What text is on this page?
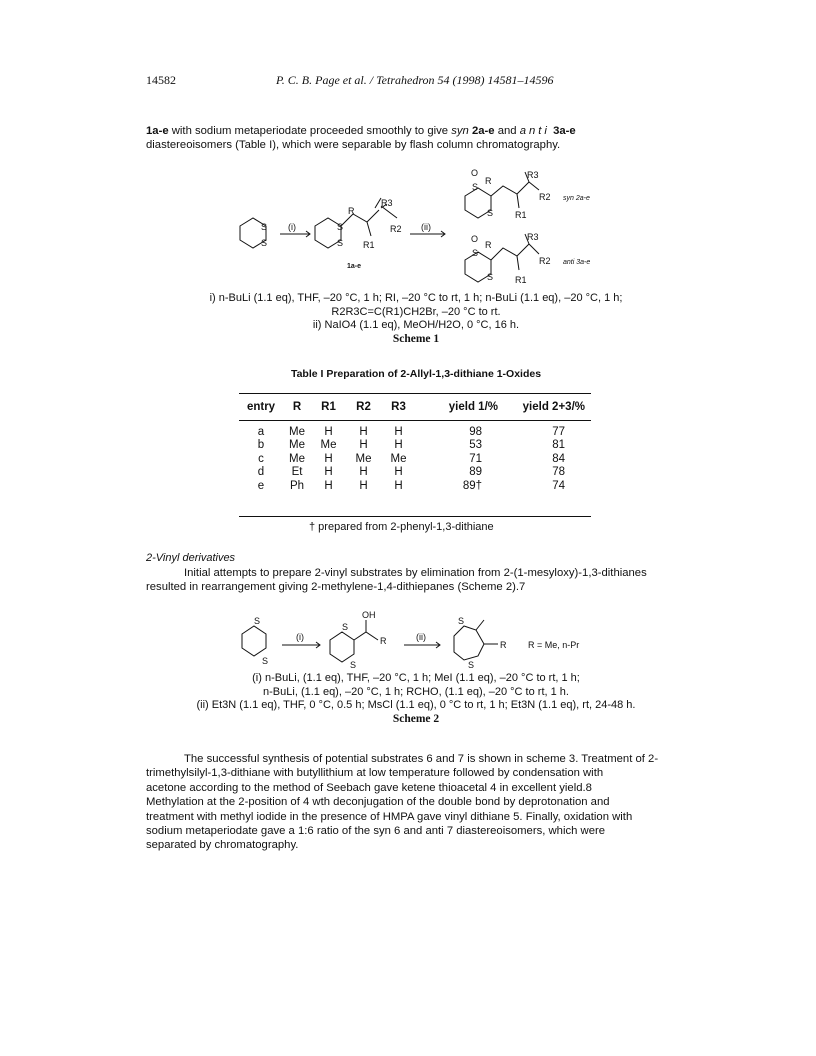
14582	P. C. B. Page et al. / Tetrahedron 54 (1998) 14581–14596
1a-e with sodium metaperiodate proceeded smoothly to give syn 2a-e and anti 3a-e
diastereoisomers (Table I), which were separable by flash column chromatography.
S
S
(i)	S
S
R
R3
R2
R1
1a-e
(ii)
O
R
S
S
R3
R2
R1
syn 2a-e
O
R
S
S
R3
R2
R1
anti 3a-e
i) n-BuLi (1.1 eq), THF, –20 °C, 1 h; RI, –20 °C to rt, 1 h; n-BuLi (1.1 eq), –20 °C, 1 h;
R2R3C=C(R1)CH2Br, –20 °C to rt.
ii) NaIO4 (1.1 eq), MeOH/H2O, 0 °C, 16 h.
Scheme 1
Table I Preparation of 2-Allyl-1,3-dithiane 1-Oxides
entry	R	R1	R2	R3	yield 1/%	yield 2+3/%
a	Me	H	H	H	98	77
b	Me	Me	H	H	53	81
c	Me	H	Me	Me	71	84
d	Et	H	H	H	89	78
e	Ph	H	H	H	89†	74
† prepared from 2-phenyl-1,3-dithiane
2-Vinyl derivatives
Initial attempts to prepare 2-vinyl substrates by elimination from 2-(1-mesyloxy)-1,3-dithianes
resulted in rearrangement giving 2-methylene-1,4-dithiepanes (Scheme 2).7
S
S
(i)
S
S
OH
R	(ii)
S
S
R R = Me, n-Pr
(i) n-BuLi, (1.1 eq), THF, –20 °C, 1 h; MeI (1.1 eq), –20 °C to rt, 1 h;
n-BuLi, (1.1 eq), –20 °C, 1 h; RCHO, (1.1 eq), –20 °C to rt, 1 h.
(ii) Et3N (1.1 eq), THF, 0 °C, 0.5 h; MsCl (1.1 eq), 0 °C to rt, 1 h; Et3N (1.1 eq), rt, 24-48 h.
Scheme 2
The successful synthesis of potential substrates 6 and 7 is shown in scheme 3. Treatment of 2-
trimethylsilyl-1,3-dithiane with butyllithium at low temperature followed by condensation with
acetone according to the method of Seebach gave ketene thioacetal 4 in excellent yield.8
Methylation at the 2-position of 4 wth deconjugation of the double bond by deprotonation and
treatment with methyl iodide in the presence of HMPA gave vinyl dithiane 5. Finally, oxidation with
sodium metaperiodate gave a 1:6 ratio of the syn 6 and anti 7 diastereoisomers, which were
separated by chromatography.
